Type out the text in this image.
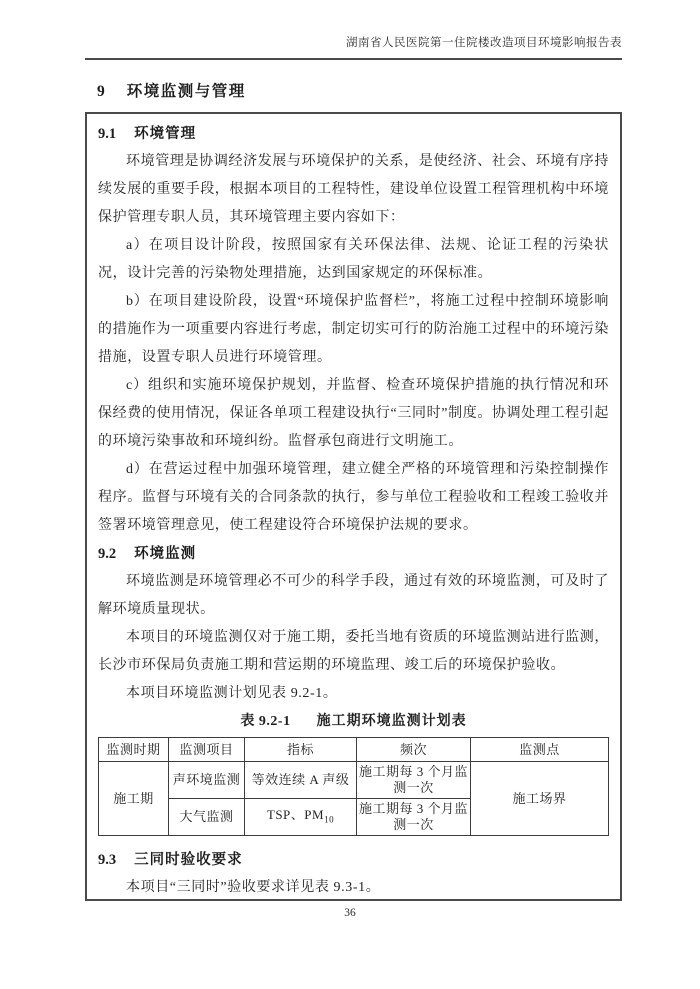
湖南省人民医院第一住院楼改造项目环境影响报告表
9 环境监测与管理
9.1 环境管理

环境管理是协调经济发展与环境保护的关系，是使经济、社会、环境有序持续发展的重要手段，根据本项目的工程特性，建设单位设置工程管理机构中环境保护管理专职人员，其环境管理主要内容如下：

a）在项目设计阶段，按照国家有关环保法律、法规、论证工程的污染状况，设计完善的污染物处理措施，达到国家规定的环保标准。

b）在项目建设阶段，设置“环境保护监督栏”，将施工过程中控制环境影响的措施作为一项重要内容进行考虑，制定切实可行的防治施工过程中的环境污染措施，设置专职人员进行环境管理。

c）组织和实施环境保护规划，并监督、检查环境保护措施的执行情况和环保经费的使用情况，保证各单项工程建设执行“三同时”制度。协调处理工程引起的环境污染事故和环境纠纷。监督承包商进行文明施工。

d）在营运过程中加强环境管理，建立健全严格的环境管理和污染控制操作程序。监督与环境有关的合同条款的执行，参与单位工程验收和工程竣工验收并签署环境管理意见，使工程建设符合环境保护法规的要求。

9.2 环境监测

环境监测是环境管理必不可少的科学手段，通过有效的环境监测，可及时了解环境质量现状。

本项目的环境监测仅对于施工期，委托当地有资质的环境监测站进行监测，长沙市环保局负责施工期和营运期的环境监理、竣工后的环境保护验收。

本项目环境监测计划见表 9.2-1。

表 9.2-1 施工期环境监测计划表
监测时期	监测项目	指标	频次	监测点
施工期	声环境监测	等效连续 A 声级	施工期每 3 个月监测一次	施工场界
	大气监测	TSP、$PM_{10}$	施工期每 3 个月监测一次	
9.3 三同时验收要求

本项目“三同时”验收要求详见表 9.3-1。

36
